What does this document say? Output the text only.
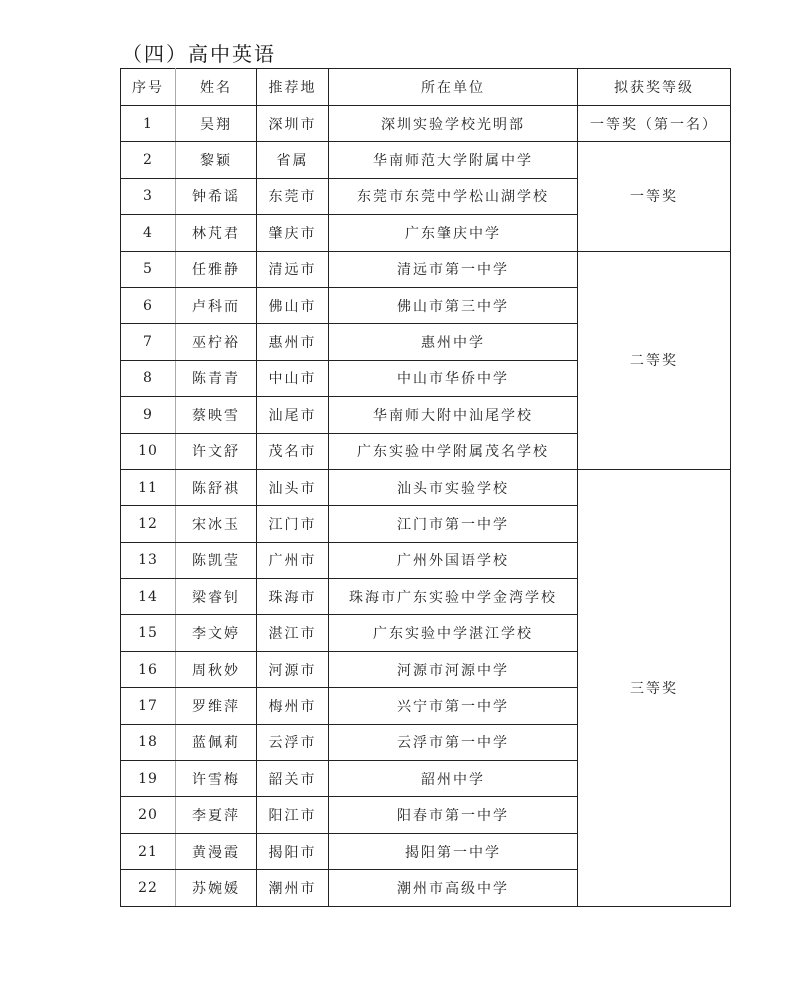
（四）高中英语
序号	姓名	推荐地	所在单位	拟获奖等级
1	吴翔	深圳市	深圳实验学校光明部	一等奖（第一名）
2	黎颖	省属	华南师范大学附属中学	一等奖
3	钟希谣	东莞市	东莞市东莞中学松山湖学校	
4	林芃君	肇庆市	广东肇庆中学	
5	任雅静	清远市	清远市第一中学	二等奖
6	卢科而	佛山市	佛山市第三中学	
7	巫柠裕	惠州市	惠州中学	
8	陈青青	中山市	中山市华侨中学	
9	蔡映雪	汕尾市	华南师大附中汕尾学校	
10	许文舒	茂名市	广东实验中学附属茂名学校	
11	陈舒祺	汕头市	汕头市实验学校	三等奖
12	宋冰玉	江门市	江门市第一中学	
13	陈凯莹	广州市	广州外国语学校	
14	梁睿钊	珠海市	珠海市广东实验中学金湾学校	
15	李文婷	湛江市	广东实验中学湛江学校	
16	周秋妙	河源市	河源市河源中学	
17	罗维萍	梅州市	兴宁市第一中学	
18	蓝佩莉	云浮市	云浮市第一中学	
19	许雪梅	韶关市	韶州中学	
20	李夏萍	阳江市	阳春市第一中学	
21	黄漫霞	揭阳市	揭阳第一中学	
22	苏婉媛	潮州市	潮州市高级中学	
